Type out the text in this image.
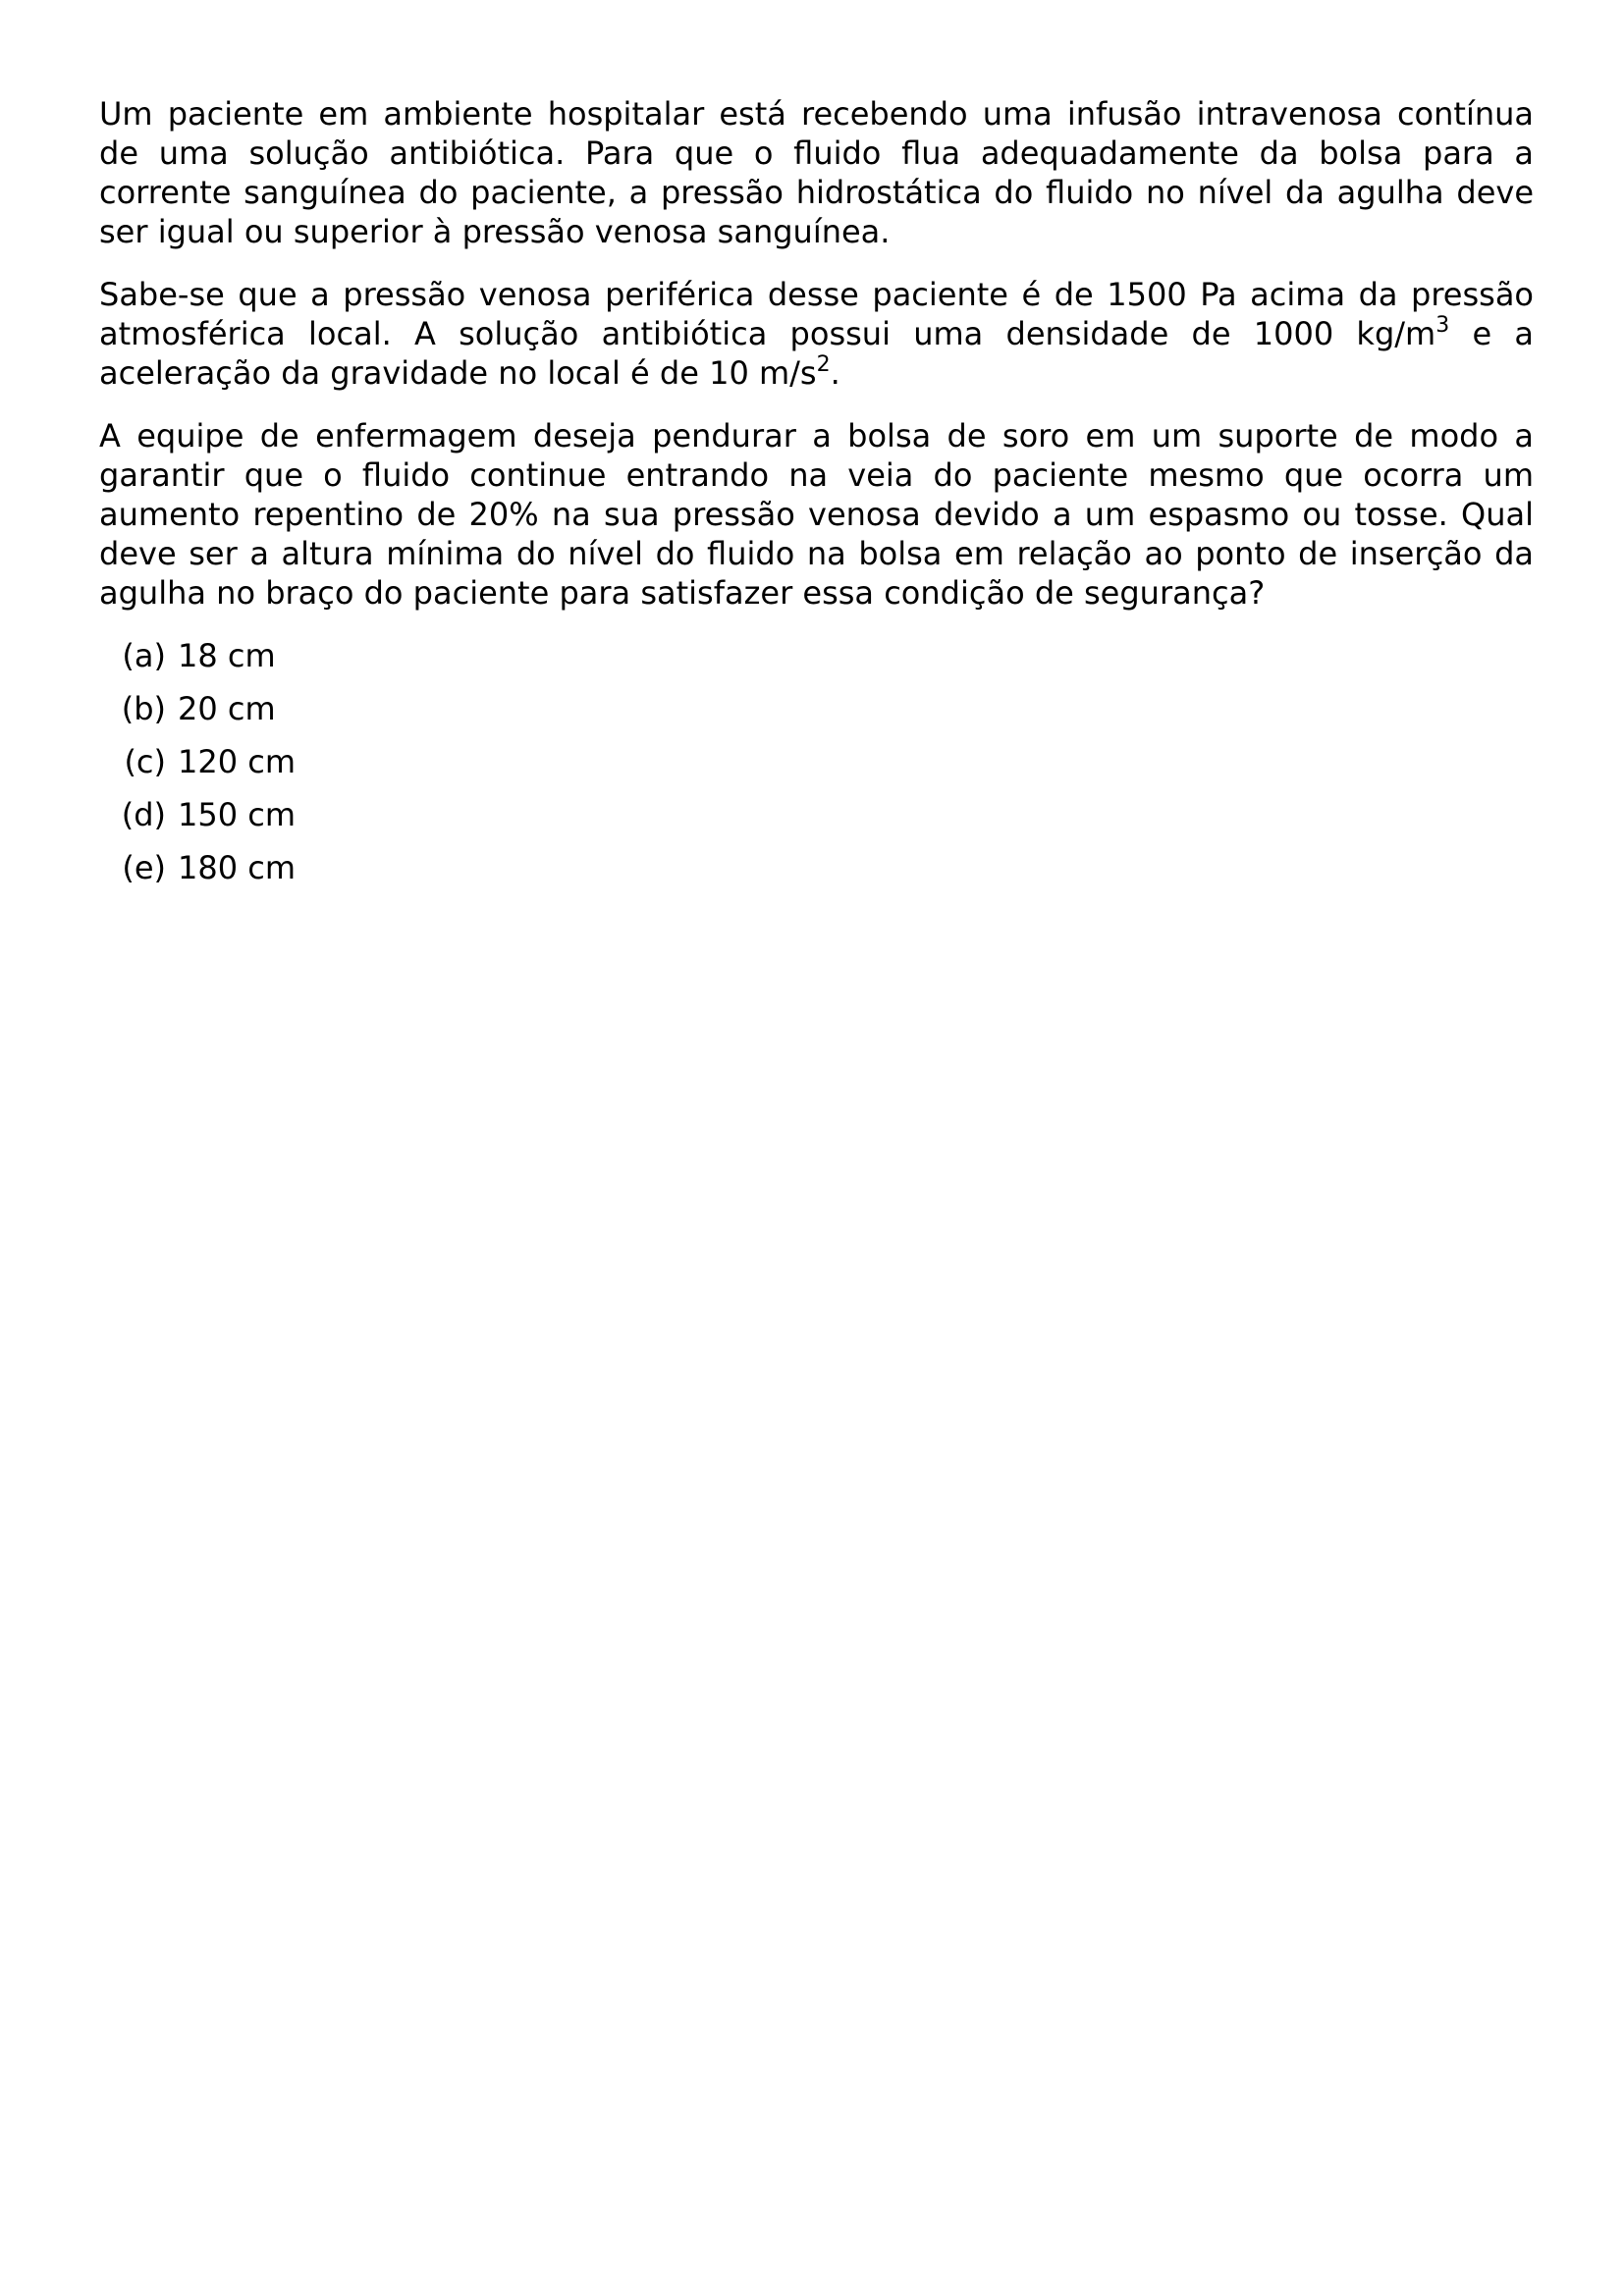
Um paciente em ambiente hospitalar está recebendo uma infusão intravenosa contínua de uma solução antibiótica. Para que o fluido flua adequadamente da bolsa para a corrente sanguínea do paciente, a pressão hidrostática do fluido no nível da agulha deve ser igual ou superior à pressão venosa sanguínea.

Sabe-se que a pressão venosa periférica desse paciente é de 1500 Pa acima da pressão atmosférica local. A solução antibiótica possui uma densidade de 1000 $kg/m^3$ e a aceleração da gravidade no local é de 10 $m/s^2$.

A equipe de enfermagem deseja pendurar a bolsa de soro em um suporte de modo a garantir que o fluido continue entrando na veia do paciente mesmo que ocorra um aumento repentino de 20% na sua pressão venosa devido a um espasmo ou tosse. Qual deve ser a altura mínima do nível do fluido na bolsa em relação ao ponto de inserção da agulha no braço do paciente para satisfazer essa condição de segurança?

(a) 18 cm
(b) 20 cm
(c) 120 cm
(d) 150 cm
(e) 180 cm
